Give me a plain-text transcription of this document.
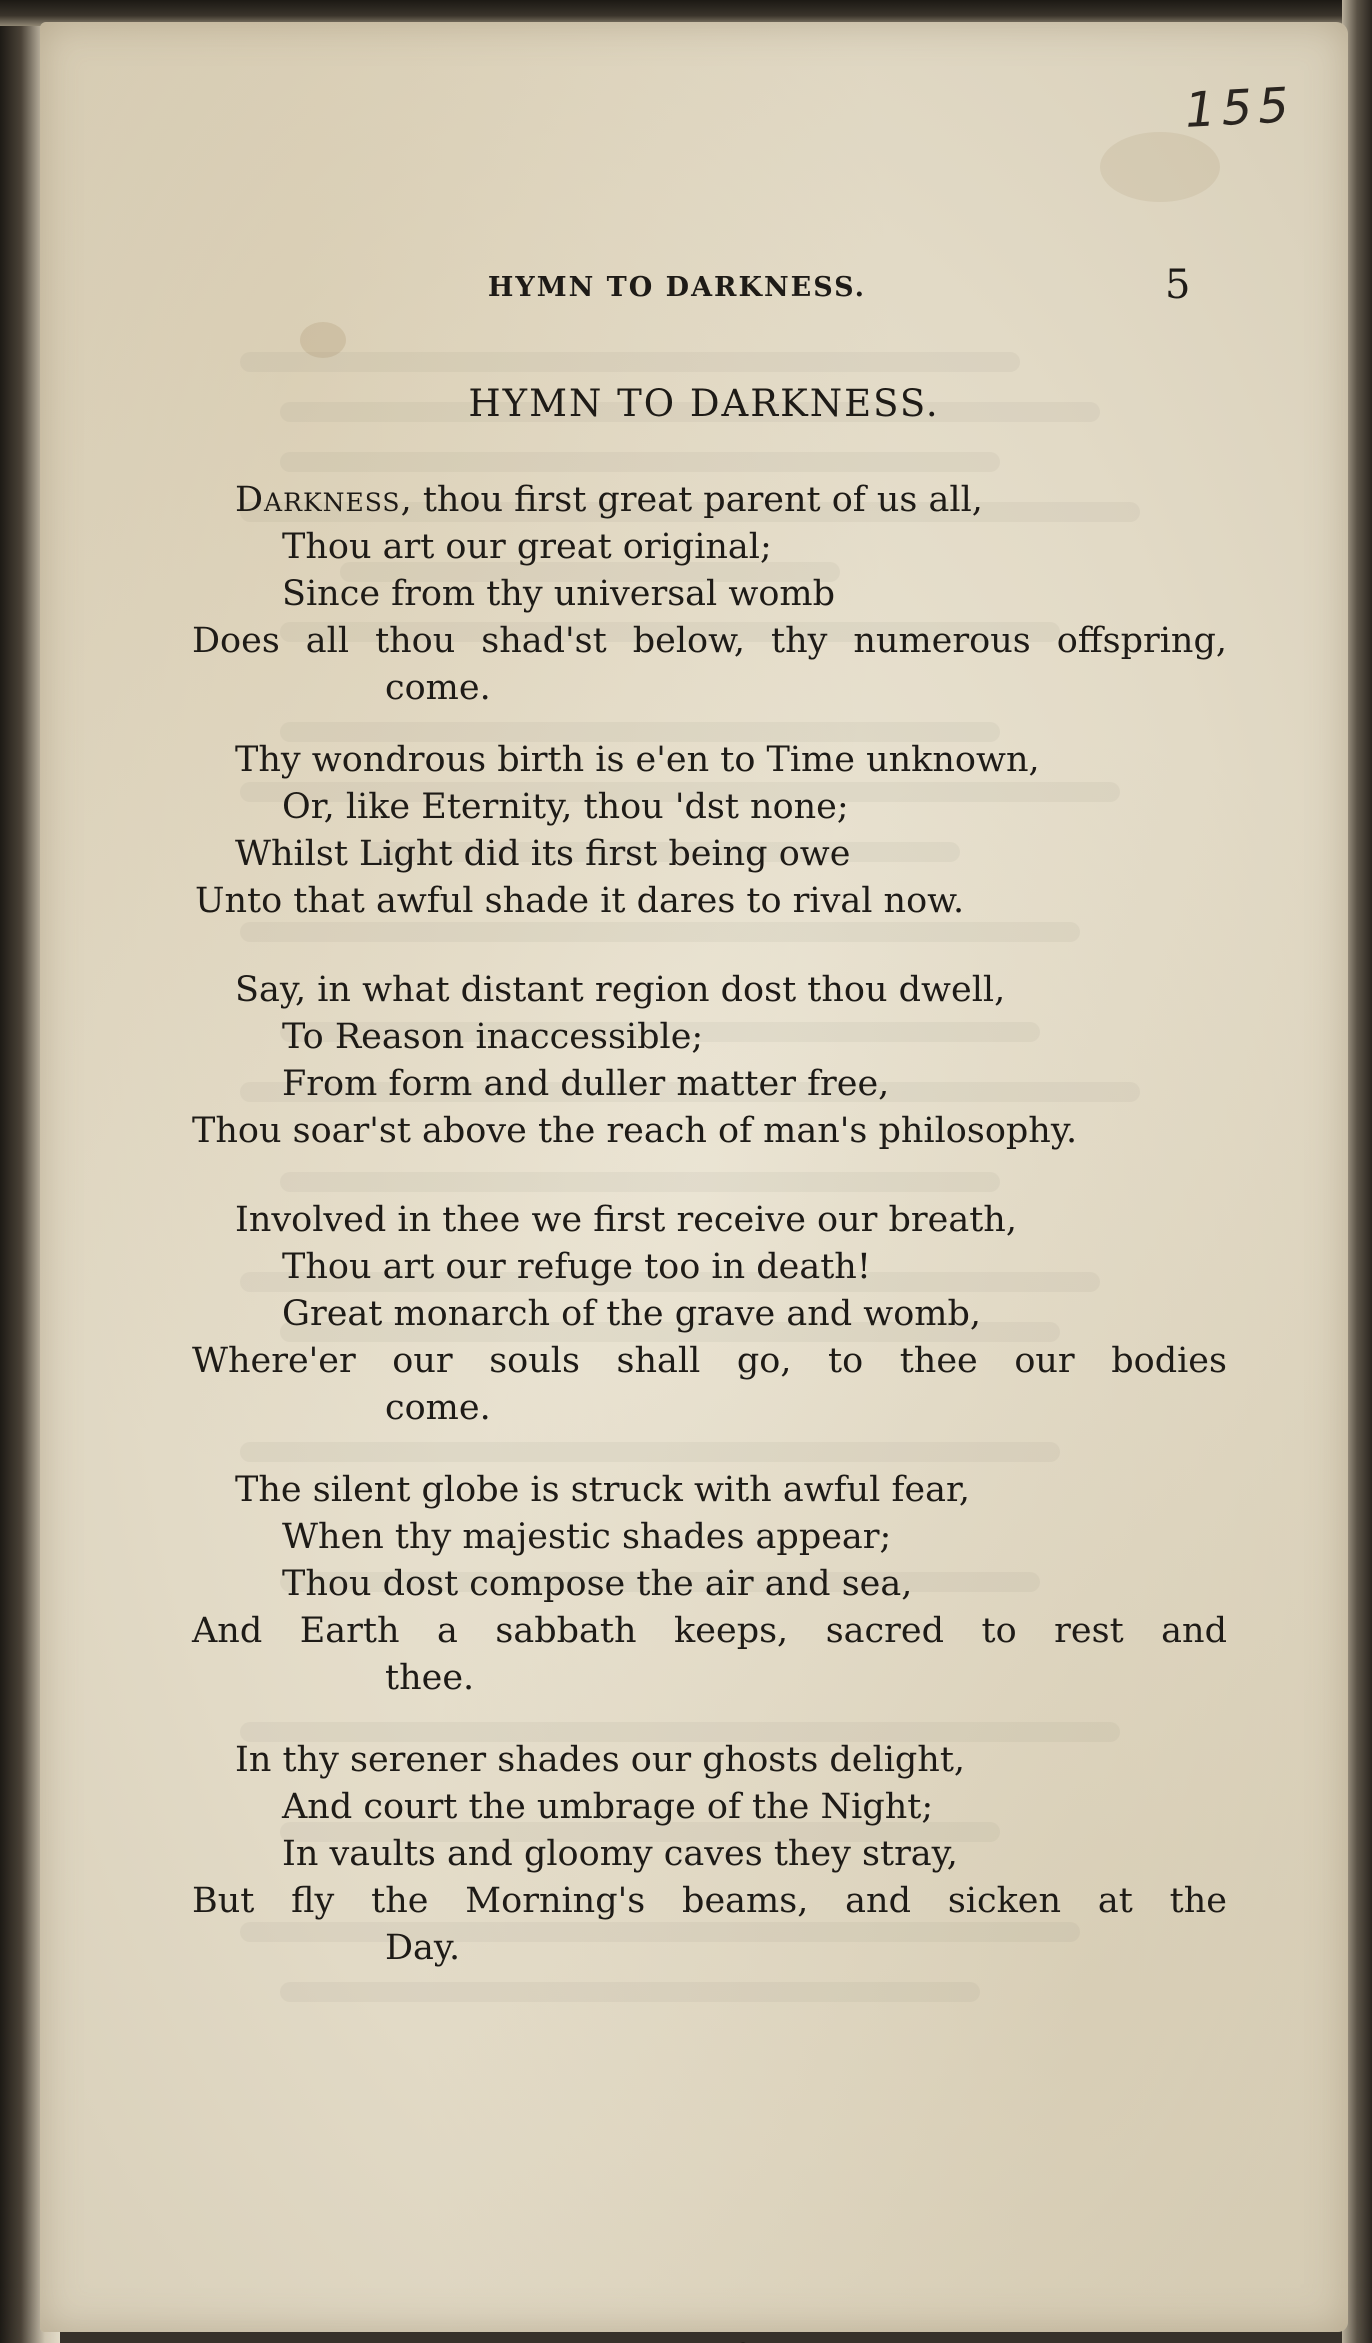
155
HYMN TO DARKNESS.	5
HYMN TO DARKNESS.
Darkness, thou first great parent of us all,
Thou art our great original;
Since from thy universal womb
Does all thou shad'st below, thy numerous offspring,
come.
Thy wondrous birth is e'en to Time unknown,
Or, like Eternity, thou 'dst none;
Whilst Light did its first being owe
Unto that awful shade it dares to rival now.
Say, in what distant region dost thou dwell,
To Reason inaccessible;
From form and duller matter free,
Thou soar'st above the reach of man's philosophy.
Involved in thee we first receive our breath,
Thou art our refuge too in death!
Great monarch of the grave and womb,
Where'er our souls shall go, to thee our bodies
come.
The silent globe is struck with awful fear,
When thy majestic shades appear;
Thou dost compose the air and sea,
And Earth a sabbath keeps, sacred to rest and
thee.
In thy serener shades our ghosts delight,
And court the umbrage of the Night;
In vaults and gloomy caves they stray,
But fly the Morning's beams, and sicken at the
Day.
